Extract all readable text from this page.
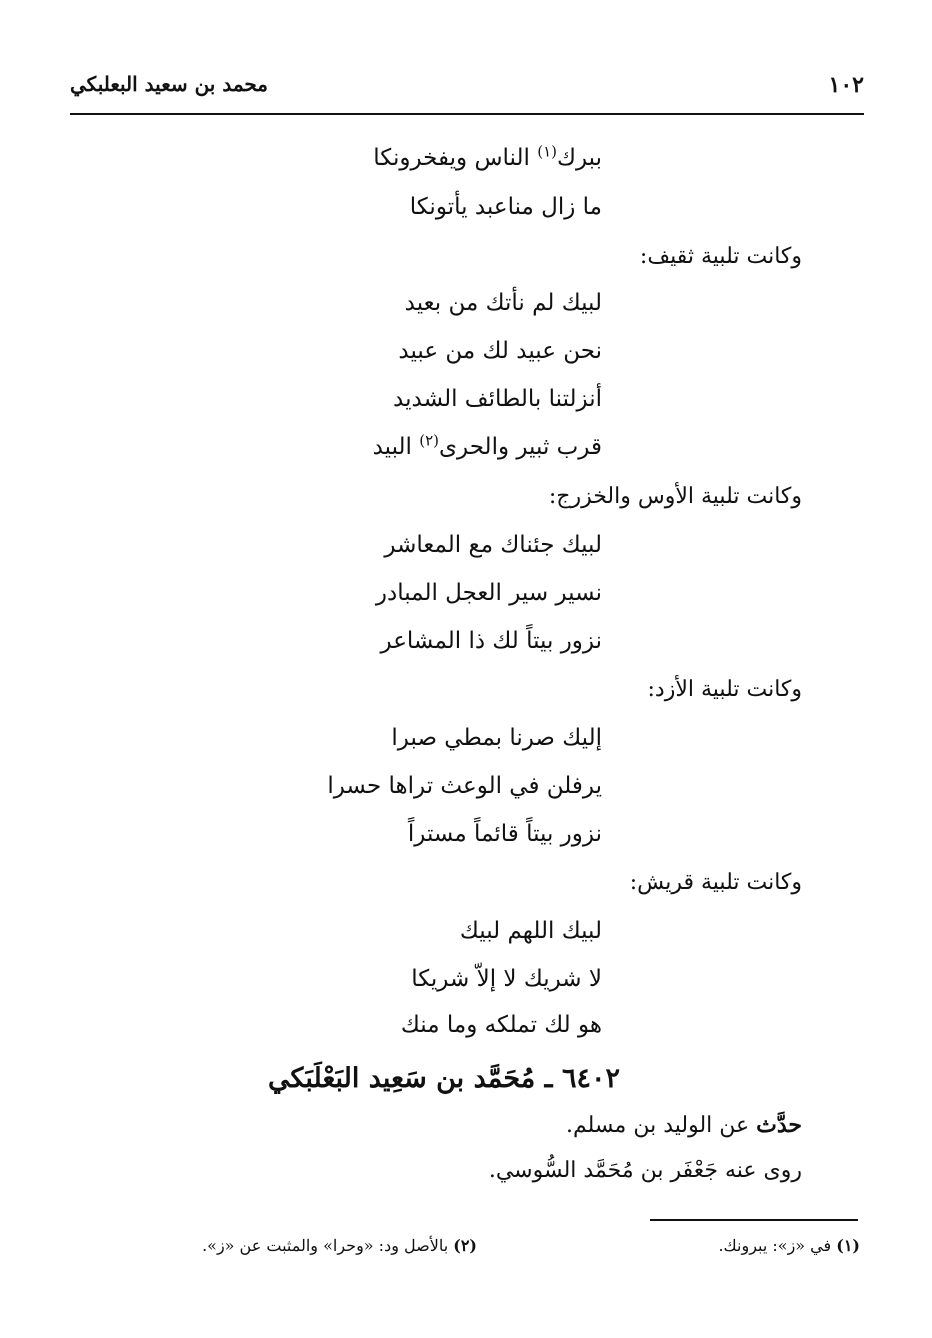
١٠٢
محمد بن سعيد البعلبكي
ببرك$^{(١)}$ الناس ويفخرونكا
ما زال مناعبد يأتونكا
وكانت تلبية ثقيف:
لبيك لم نأتك من بعيد
نحن عبيد لك من عبيد
أنزلتنا بالطائف الشديد
قرب ثبير والحرى$^{(٢)}$ البيد
وكانت تلبية الأوس والخزرج:
لبيك جئناك مع المعاشر
نسير سير العجل المبادر
نزور بيتاً لك ذا المشاعر
وكانت تلبية الأزد:
إليك صرنا بمطي صبرا
يرفلن في الوعث تراها حسرا
نزور بيتاً قائماً مستراً
وكانت تلبية قريش:
لبيك اللهم لبيك
لا شريك لا إلاّ شريكا
هو لك تملكه وما منك
٦٤٠٢ ـ مُحَمَّد بن سَعِيد البَعْلَبَكي
حدَّث عن الوليد بن مسلم.
روى عنه جَعْفَر بن مُحَمَّد السُّوسي.
(١) في «ز»: يبرونك.
(٢) بالأصل ود: «وحرا» والمثبت عن «ز».
